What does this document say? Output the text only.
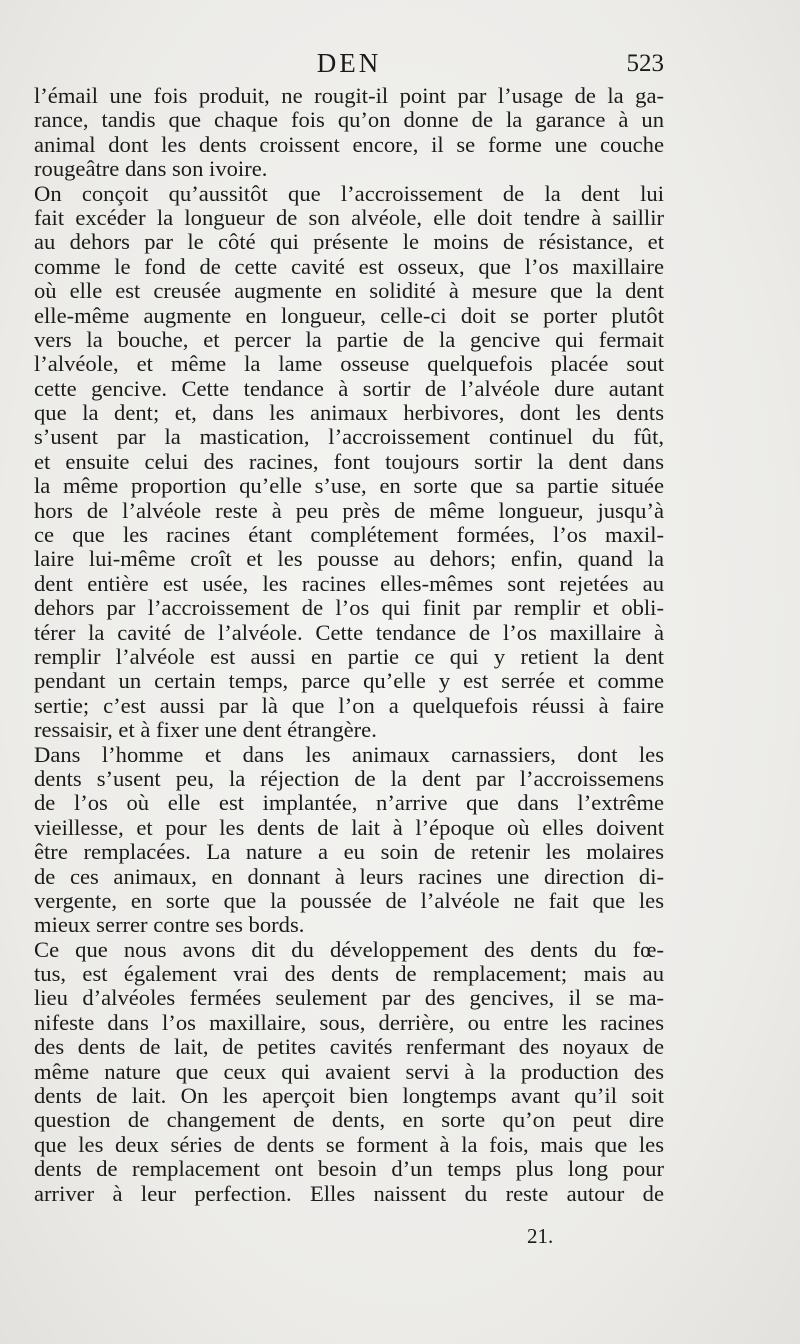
DEN	523
l’émail une fois produit, ne rougit-il point par l’usage de la ga-
rance, tandis que chaque fois qu’on donne de la garance à un
animal dont les dents croissent encore, il se forme une couche
rougeâtre dans son ivoire.
On conçoit qu’aussitôt que l’accroissement de la dent lui
fait excéder la longueur de son alvéole, elle doit tendre à saillir
au dehors par le côté qui présente le moins de résistance, et
comme le fond de cette cavité est osseux, que l’os maxillaire
où elle est creusée augmente en solidité à mesure que la dent
elle-même augmente en longueur, celle-ci doit se porter plutôt
vers la bouche, et percer la partie de la gencive qui fermait
l’alvéole, et même la lame osseuse quelquefois placée sout
cette gencive. Cette tendance à sortir de l’alvéole dure autant
que la dent; et, dans les animaux herbivores, dont les dents
s’usent par la mastication, l’accroissement continuel du fût,
et ensuite celui des racines, font toujours sortir la dent dans
la même proportion qu’elle s’use, en sorte que sa partie située
hors de l’alvéole reste à peu près de même longueur, jusqu’à
ce que les racines étant complétement formées, l’os maxil-
laire lui-même croît et les pousse au dehors; enfin, quand la
dent entière est usée, les racines elles-mêmes sont rejetées au
dehors par l’accroissement de l’os qui finit par remplir et obli-
térer la cavité de l’alvéole. Cette tendance de l’os maxillaire à
remplir l’alvéole est aussi en partie ce qui y retient la dent
pendant un certain temps, parce qu’elle y est serrée et comme
sertie; c’est aussi par là que l’on a quelquefois réussi à faire
ressaisir, et à fixer une dent étrangère.
Dans l’homme et dans les animaux carnassiers, dont les
dents s’usent peu, la réjection de la dent par l’accroissemens
de l’os où elle est implantée, n’arrive que dans l’extrême
vieillesse, et pour les dents de lait à l’époque où elles doivent
être remplacées. La nature a eu soin de retenir les molaires
de ces animaux, en donnant à leurs racines une direction di-
vergente, en sorte que la poussée de l’alvéole ne fait que les
mieux serrer contre ses bords.
Ce que nous avons dit du développement des dents du fœ-
tus, est également vrai des dents de remplacement; mais au
lieu d’alvéoles fermées seulement par des gencives, il se ma-
nifeste dans l’os maxillaire, sous, derrière, ou entre les racines
des dents de lait, de petites cavités renfermant des noyaux de
même nature que ceux qui avaient servi à la production des
dents de lait. On les aperçoit bien longtemps avant qu’il soit
question de changement de dents, en sorte qu’on peut dire
que les deux séries de dents se forment à la fois, mais que les
dents de remplacement ont besoin d’un temps plus long pour
arriver à leur perfection. Elles naissent du reste autour de
21.
